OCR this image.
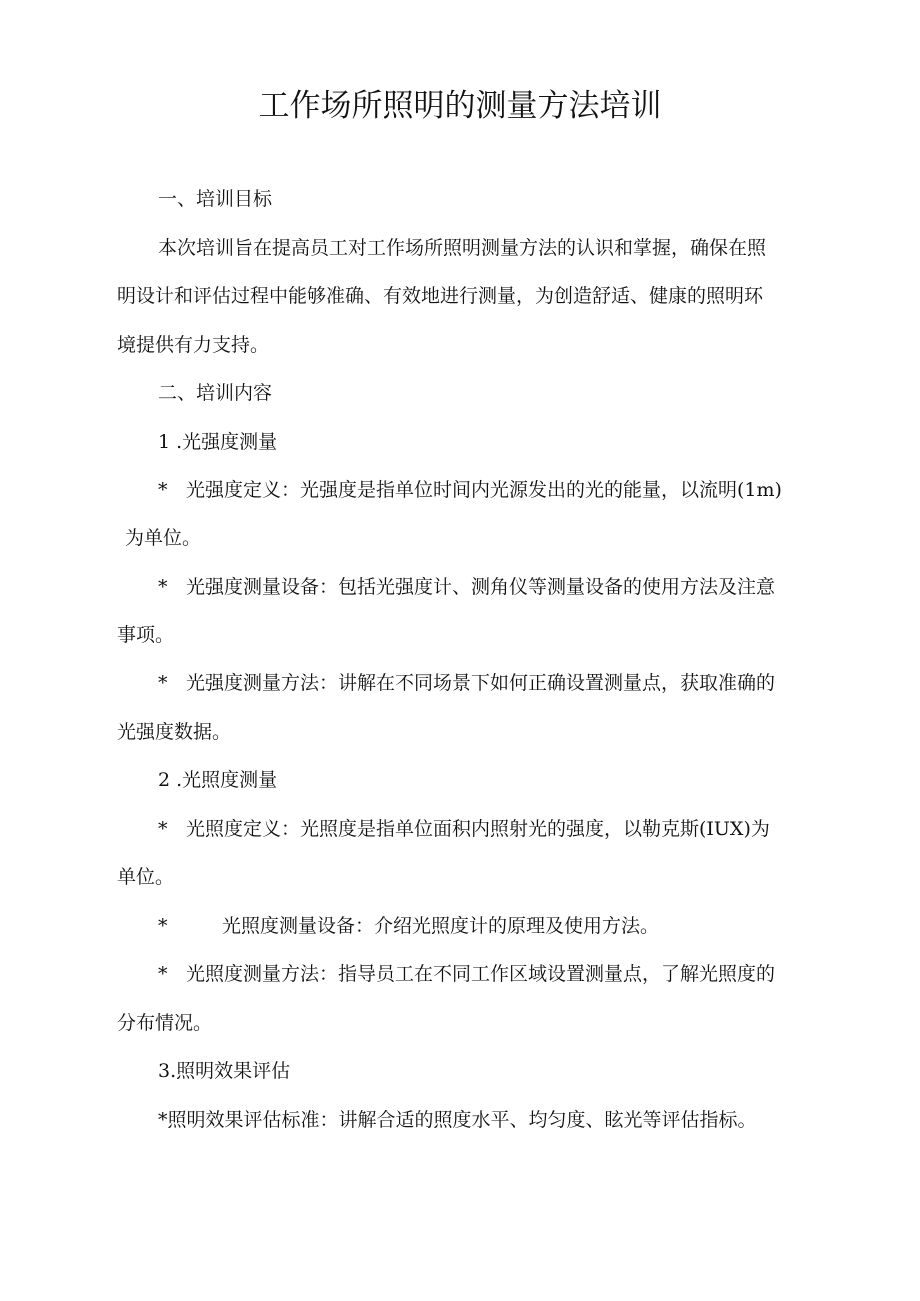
工作场所照明的测量方法培训
一、培训目标
本次培训旨在提高员工对工作场所照明测量方法的认识和掌握，确保在照
明设计和评估过程中能够准确、有效地进行测量，为创造舒适、健康的照明环
境提供有力支持。
二、培训内容
1 .光强度测量
* 光强度定义：光强度是指单位时间内光源发出的光的能量，以流明(1m)
为单位。
* 光强度测量设备：包括光强度计、测角仪等测量设备的使用方法及注意
事项。
* 光强度测量方法：讲解在不同场景下如何正确设置测量点，获取准确的
光强度数据。
2 .光照度测量
* 光照度定义：光照度是指单位面积内照射光的强度，以勒克斯(IUX)为
单位。
*	光照度测量设备：介绍光照度计的原理及使用方法。
* 光照度测量方法：指导员工在不同工作区域设置测量点，了解光照度的
分布情况。
3.照明效果评估
*照明效果评估标准：讲解合适的照度水平、均匀度、眩光等评估指标。
